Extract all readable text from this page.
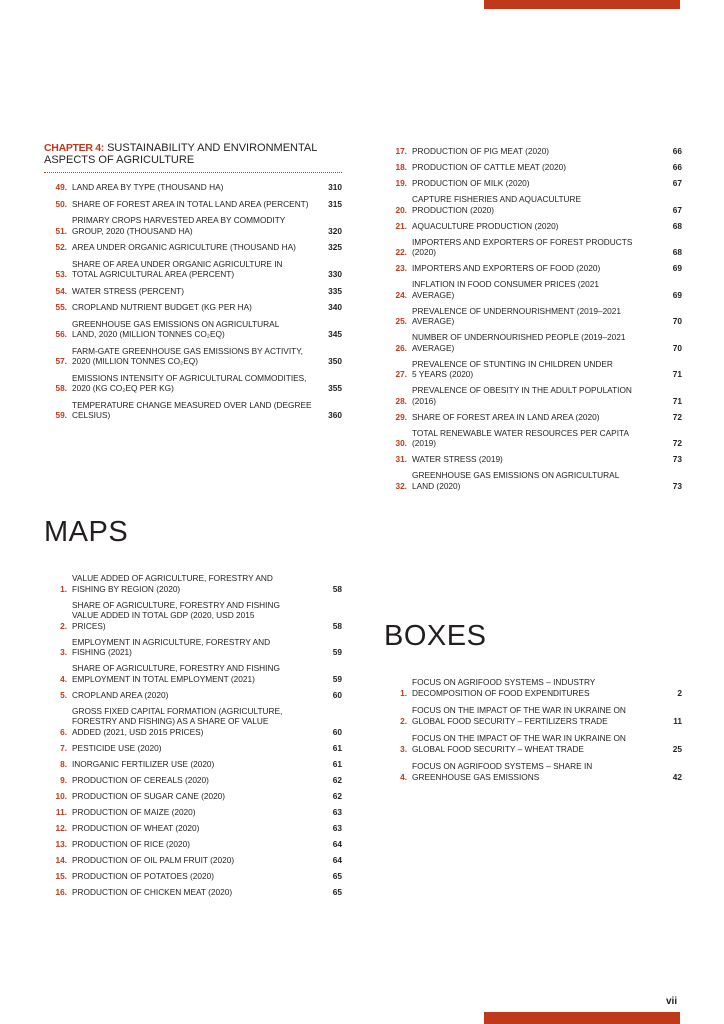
CHAPTER 4: SUSTAINABILITY AND ENVIRONMENTAL
ASPECTS OF AGRICULTURE
49. LAND AREA BY TYPE (THOUSAND HA)	310
50. SHARE OF FOREST AREA IN TOTAL LAND AREA (PERCENT)	315
51.
PRIMARY CROPS HARVESTED AREA BY COMMODITY
GROUP, 2020 (THOUSAND HA)	320
52. AREA UNDER ORGANIC AGRICULTURE (THOUSAND HA)	325
53.
SHARE OF AREA UNDER ORGANIC AGRICULTURE IN
TOTAL AGRICULTURAL AREA (PERCENT)	330
54. WATER STRESS (PERCENT)	335
55. CROPLAND NUTRIENT BUDGET (KG PER HA)	340
56.
GREENHOUSE GAS EMISSIONS ON AGRICULTURAL
LAND, 2020 (MILLION TONNES CO₂EQ)	345
57.
FARM-GATE GREENHOUSE GAS EMISSIONS BY ACTIVITY,
2020 (MILLION TONNES CO₂EQ)	350
58.
EMISSIONS INTENSITY OF AGRICULTURAL COMMODITIES,
2020 (KG CO₂EQ PER KG)	355
59.
TEMPERATURE CHANGE MEASURED OVER LAND (DEGREE
CELSIUS)	360
MAPS
1.
VALUE ADDED OF AGRICULTURE, FORESTRY AND
FISHING BY REGION (2020)	58
2.
SHARE OF AGRICULTURE, FORESTRY AND FISHING
VALUE ADDED IN TOTAL GDP (2020, USD 2015
PRICES)	58
3.
EMPLOYMENT IN AGRICULTURE, FORESTRY AND
FISHING (2021)	59
4.
SHARE OF AGRICULTURE, FORESTRY AND FISHING
EMPLOYMENT IN TOTAL EMPLOYMENT (2021)	59
5. CROPLAND AREA (2020)	60
6.
GROSS FIXED CAPITAL FORMATION (AGRICULTURE,
FORESTRY AND FISHING) AS A SHARE OF VALUE
ADDED (2021, USD 2015 PRICES)	60
7. PESTICIDE USE (2020)	61
8. INORGANIC FERTILIZER USE (2020)	61
9. PRODUCTION OF CEREALS (2020)	62
10. PRODUCTION OF SUGAR CANE (2020)	62
11. PRODUCTION OF MAIZE (2020)	63
12. PRODUCTION OF WHEAT (2020)	63
13. PRODUCTION OF RICE (2020)	64
14. PRODUCTION OF OIL PALM FRUIT (2020)	64
15. PRODUCTION OF POTATOES (2020)	65
16. PRODUCTION OF CHICKEN MEAT (2020)	65
17. PRODUCTION OF PIG MEAT (2020)	66
18. PRODUCTION OF CATTLE MEAT (2020)	66
19. PRODUCTION OF MILK (2020)	67
20.
CAPTURE FISHERIES AND AQUACULTURE
PRODUCTION (2020)	67
21. AQUACULTURE PRODUCTION (2020)	68
22.
IMPORTERS AND EXPORTERS OF FOREST PRODUCTS
(2020)	68
23. IMPORTERS AND EXPORTERS OF FOOD (2020)	69
24.
INFLATION IN FOOD CONSUMER PRICES (2021
AVERAGE)	69
25.
PREVALENCE OF UNDERNOURISHMENT (2019–2021
AVERAGE)	70
26.
NUMBER OF UNDERNOURISHED PEOPLE (2019–2021
AVERAGE)	70
27.
PREVALENCE OF STUNTING IN CHILDREN UNDER
5 YEARS (2020)	71
28.
PREVALENCE OF OBESITY IN THE ADULT POPULATION
(2016)	71
29. SHARE OF FOREST AREA IN LAND AREA (2020)	72
30.
TOTAL RENEWABLE WATER RESOURCES PER CAPITA
(2019)	72
31. WATER STRESS (2019)	73
32.
GREENHOUSE GAS EMISSIONS ON AGRICULTURAL
LAND (2020)	73
BOXES
1.
FOCUS ON AGRIFOOD SYSTEMS – INDUSTRY
DECOMPOSITION OF FOOD EXPENDITURES	2
2.
FOCUS ON THE IMPACT OF THE WAR IN UKRAINE ON
GLOBAL FOOD SECURITY – FERTILIZERS TRADE	11
3.
FOCUS ON THE IMPACT OF THE WAR IN UKRAINE ON
GLOBAL FOOD SECURITY – WHEAT TRADE	25
4.
FOCUS ON AGRIFOOD SYSTEMS – SHARE IN
GREENHOUSE GAS EMISSIONS	42
vii
